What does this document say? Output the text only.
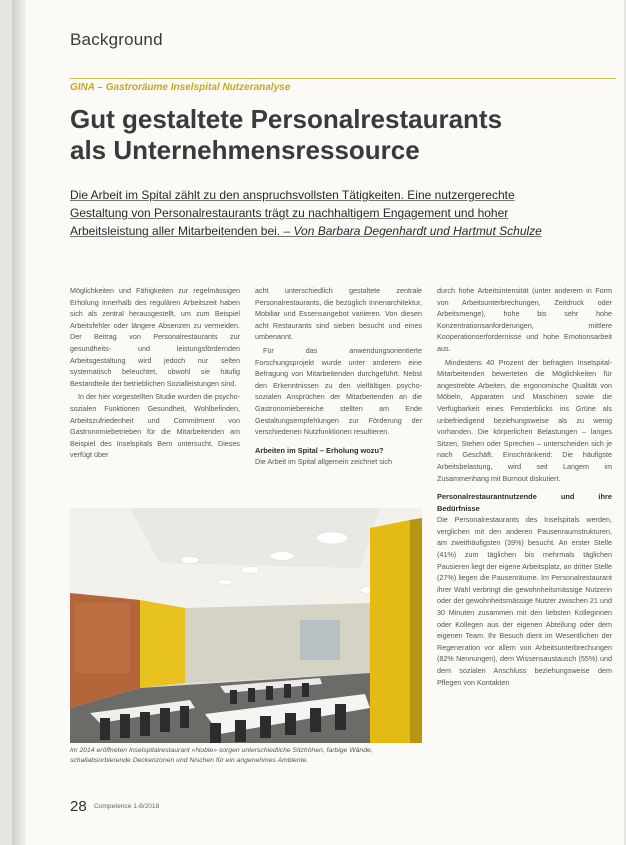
Background
GINA – Gastroräume Inselspital Nutzeranalyse
Gut gestaltete Personalrestaurants
als Unternehmensressource
Die Arbeit im Spital zählt zu den anspruchsvollsten Tätigkeiten. Eine nutzergerechte
Gestaltung von Personalrestaurants trägt zu nachhaltigem Engagement und hoher
Arbeitsleistung aller Mitarbeitenden bei. – Von Barbara Degenhardt und Hartmut Schulze

Möglichkeiten und Fähigkeiten zur regelmässigen Erholung innerhalb des regulären Arbeitszeit haben sich als zentral herausgestellt, um zum Beispiel Arbeitsfehler oder längere Absenzen zu vermeiden. Der Beitrag von Personalrestaurants zur gesundheits- und leistungsfördernden Arbeitsgestaltung wird jedoch nur selten systematisch beleuchtet, obwohl sie häufig Bestandteile der betrieblichen Sozialleistungen sind.

In der hier vorgestellten Studie wurden die psycho-sozialen Funktionen Gesundheit, Wohlbefinden, Arbeitszufriedenheit und Commitment von Gastronomiebetrieben für die Mitarbeitenden am Beispiel des Inselspitals Bern untersucht. Dieses verfügt über

acht unterschiedlich gestaltete zentrale Personalrestaurants, die bezüglich Innenarchitektur, Mobiliar und Essensangebot variieren. Von diesen acht Restaurants sind sieben besucht und eines umbenannt.

Für das anwendungsorientierte Forschungsprojekt wurde unter anderem eine Befragung von Mitarbeitenden durchgeführt. Nebst den Erkenntnissen zu den vielfältigen psycho-sozialen Ansprüchen der Mitarbeitenden an die Gastronomiebereiche stellten am Ende Gestaltungsempfehlungen zur Förderung der verschiedenen Nutzfunktionen resultieren.

Arbeiten im Spital – Erholung wozu?

Die Arbeit im Spital allgemein zeichnet sich

durch hohe Arbeitsintensität (unter anderem in Form von Arbeitsunterbrechungen, Zeitdruck oder Arbeitsmenge), hohe bis sehr hohe Konzentrationsanforderungen, mittlere Kooperationserfordernisse und hohe Emotionsarbeit aus.

Mindestens 40 Prozent der befragten Inselspital-Mitarbeitenden bewerteten die Möglichkeiten für angestrebte Arbeiten, die ergonomische Qualität von Möbeln, Apparaten und Maschinen sowie die Verfügbarkeit eines Fensterblicks ins Grüne als unbefriedigend beziehungsweise als zu wenig vorhanden. Die körperlichen Belastungen – langes Sitzen, Stehen oder Sprechen – unterscheiden sich je nach Geschäft. Einschränkend: Die häufigste Arbeitsbelastung, wird seit Langem im Zusammenhang mit Burnout diskutiert.

Personalrestaurantnutzende und ihre Bedürfnisse

Die Personalrestaurants des Inselspitals werden, verglichen mit den anderen Pausenraumstrukturen, am zweithäufigsten (39%) besucht. An erster Stelle (41%) zum täglichen bis mehrmals täglichen Pausieren liegt der eigene Arbeitsplatz, an dritter Stelle (27%) liegen die Pausenräume. Im Personalrestaurant ihrer Wahl verbringt die gewohnheitsmässige Nutzerin oder der gewohnheitsmässige Nutzer zwischen 21 und 30 Minuten zusammen mit den liebsten Kolleginnen oder Kollegen aus der eigenen Abteilung oder dem eigenen Team. Ihr Besuch dient im Wesentlichen der Regeneration vor allem von Arbeitsunterbrechungen (82% Nennungen), dem Wissensaustausch (55%) und dem sozialen Anschluss beziehungsweise dem Pflegen von Kontakten

Im 2014 eröffneten Inselspitalrestaurant «Noble» sorgen unterschiedliche Sitzhöhen, farbige Wände, schallabsorbierende Deckenzonen und Nischen für ein angenehmes Ambiente.
28 Competence 1-8/2018
